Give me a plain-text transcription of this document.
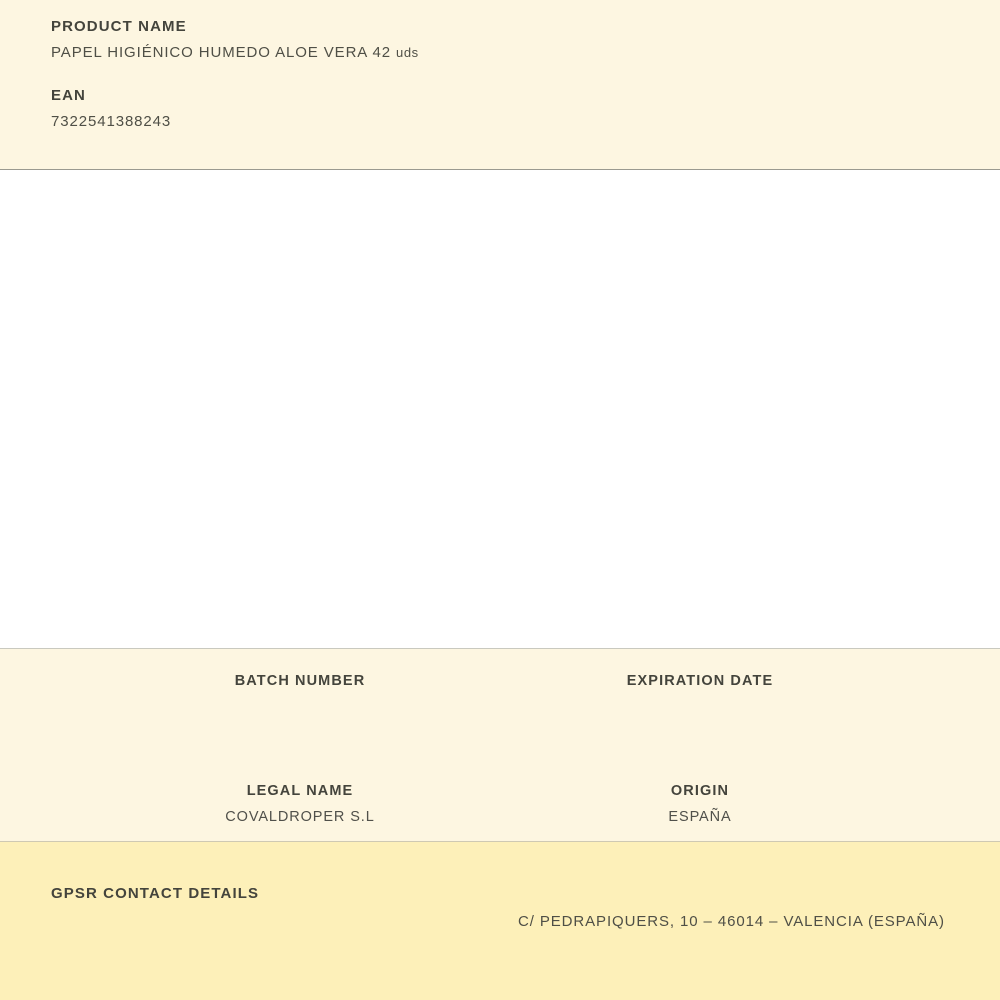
PRODUCT NAME

PAPEL HIGIÉNICO HUMEDO ALOE VERA 42 uds

EAN

7322541388243

BATCH NUMBER	EXPIRATION DATE

LEGAL NAME

COVALDROPER S.L

ORIGIN

ESPAÑA

GPSR CONTACT DETAILS

C/ PEDRAPIQUERS, 10 – 46014 – VALENCIA (ESPAÑA)
